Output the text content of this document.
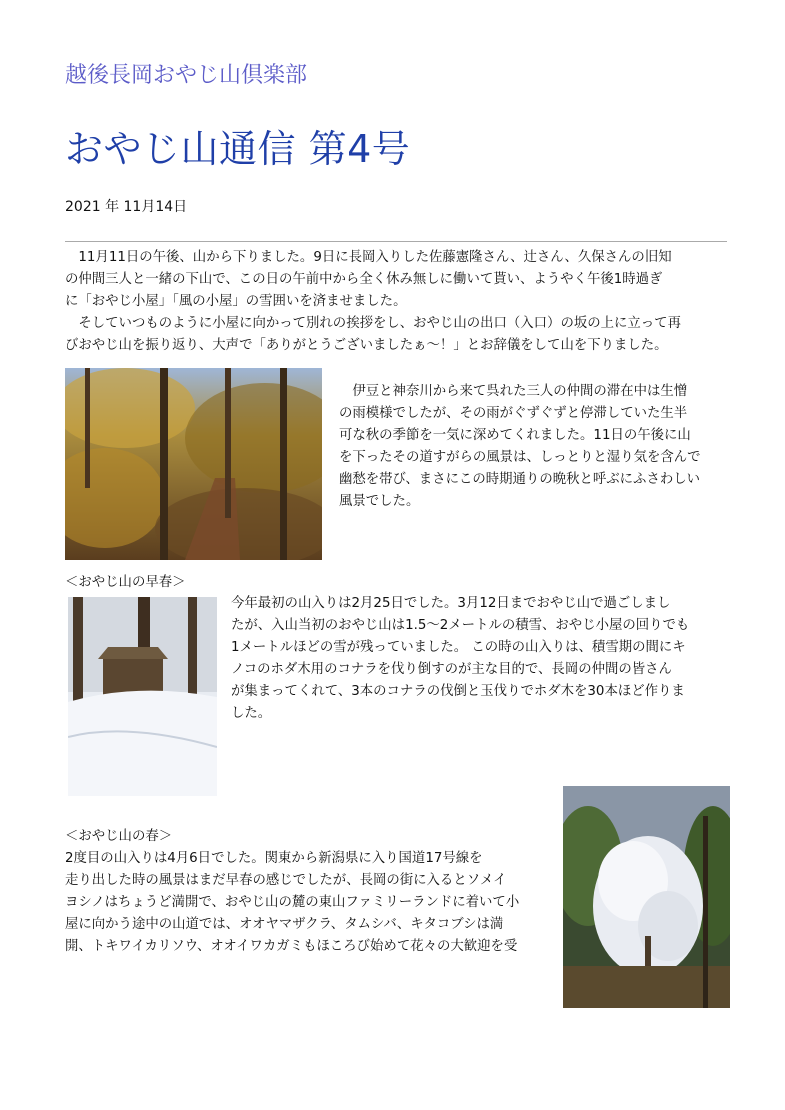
越後長岡おやじ山倶楽部
おやじ山通信 第4号
2021 年 11月14日
　11月11日の午後、山から下りました。9日に長岡入りした佐藤憲隆さん、辻さん、久保さんの旧知
の仲間三人と一緒の下山で、この日の午前中から全く休み無しに働いて貰い、ようやく午後1時過ぎ
に「おやじ小屋」「風の小屋」の雪囲いを済ませました。
　そしていつものように小屋に向かって別れの挨拶をし、おやじ山の出口（入口）の坂の上に立って再
びおやじ山を振り返り、大声で「ありがとうございましたぁ～！」とお辞儀をして山を下りました。
　伊豆と神奈川から来て呉れた三人の仲間の滞在中は生憎
の雨模様でしたが、その雨がぐずぐずと停滞していた生半
可な秋の季節を一気に深めてくれました。11日の午後に山
を下ったその道すがらの風景は、しっとりと湿り気を含んで
幽愁を帯び、まさにこの時期通りの晩秋と呼ぶにふさわしい
風景でした。
＜おやじ山の早春＞
今年最初の山入りは2月25日でした。3月12日までおやじ山で過ごしまし
たが、入山当初のおやじ山は1.5～2メートルの積雪、おやじ小屋の回りでも
1メートルほどの雪が残っていました。 この時の山入りは、積雪期の間にキ
ノコのホダ木用のコナラを伐り倒すのが主な目的で、長岡の仲間の皆さん
が集まってくれて、3本のコナラの伐倒と玉伐りでホダ木を30本ほど作りま
した。
＜おやじ山の春＞
2度目の山入りは4月6日でした。関東から新潟県に入り国道17号線を
走り出した時の風景はまだ早春の感じでしたが、長岡の街に入るとソメイ
ヨシノはちょうど満開で、おやじ山の麓の東山ファミリーランドに着いて小
屋に向かう途中の山道では、オオヤマザクラ、タムシバ、キタコブシは満
開、トキワイカリソウ、オオイワカガミもほころび始めて花々の大歓迎を受
